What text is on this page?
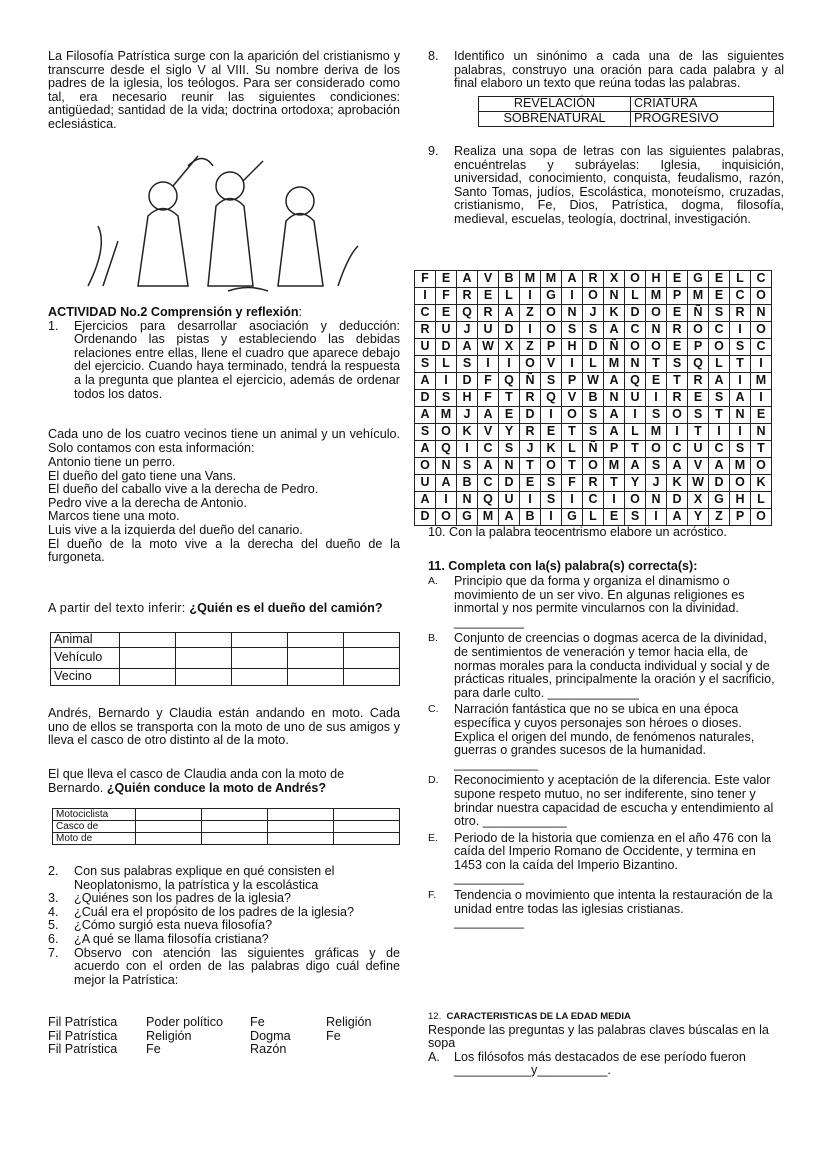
La Filosofía Patrística surge con la aparición del cristianismo y transcurre desde el siglo V al VIII. Su nombre deriva de los padres de la iglesia, los teólogos. Para ser considerado como tal, era necesario reunir las siguientes condiciones: antigüedad; santidad de la vida; doctrina ortodoxa; aprobación eclesiástica.

ACTIVIDAD No.2 Comprensión y reflexión:

1.	Ejercicios para desarrollar asociación y deducción: Ordenando las pistas y estableciendo las debidas relaciones entre ellas, llene el cuadro que aparece debajo del ejercicio. Cuando haya terminado, tendrá la respuesta a la pregunta que plantea el ejercicio, además de ordenar todos los datos.
Cada uno de los cuatro vecinos tiene un animal y un vehículo. Solo contamos con esta información:

Antonio tiene un perro.

El dueño del gato tiene una Vans.

El dueño del caballo vive a la derecha de Pedro.

Pedro vive a la derecha de Antonio.

Marcos tiene una moto.

Luis vive a la izquierda del dueño del canario.

El dueño de la moto vive a la derecha del dueño de la furgoneta.

A partir del texto inferir: ¿Quién es el dueño del camión?
Animal					
Vehículo					
Vecino					
Andrés, Bernardo y Claudia están andando en moto. Cada uno de ellos se transporta con la moto de uno de sus amigos y lleva el casco de otro distinto al de la moto.
El que lleva el casco de Claudia anda con la moto de Bernardo. ¿Quién conduce la moto de Andrés?
Motociclista				
Casco de				
Moto de				
2.	Con sus palabras explique en qué consisten el Neoplatonismo, la patrística y la escolástica
3.	¿Quiénes son los padres de la iglesia?
4.	¿Cuál era el propósito de los padres de la iglesia?
5.	¿Cómo surgió esta nueva filosofía?
6.	¿A qué se llama filosofía cristiana?
7.	Observo con atención las siguientes gráficas y de acuerdo con el orden de las palabras digo cuál define mejor la Patrística:
Fil Patrística	Poder político	Fe	Religión
Fil Patrística	Religión	Dogma	Fe
Fil Patrística	Fe	Razón
8.	Identifico un sinónimo a cada una de las siguientes palabras, construyo una oración para cada palabra y al final elaboro un texto que reúna todas las palabras.
REVELACIÓN	CRIATURA
SOBRENATURAL	PROGRESIVO
9.	Realiza una sopa de letras con las siguientes palabras, encuéntrelas y subráyelas: Iglesia, inquisición, universidad, conocimiento, conquista, feudalismo, razón, Santo Tomas, judíos, Escolástica, monoteísmo, cruzadas, cristianismo, Fe, Dios, Patrística, dogma, filosofía, medieval, escuelas, teología, doctrinal, investigación.
F	E	A	V	B	M	M	A	R	X	O	H	E	G	E	L	C
I	F	R	E	L	I	G	I	O	N	L	M	P	M	E	C	O
C	E	Q	R	A	Z	O	N	J	K	D	O	E	Ñ	S	R	N
R	U	J	U	D	I	O	S	S	A	C	N	R	O	C	I	O
U	D	A	W	X	Z	P	H	D	Ñ	O	O	E	P	O	S	C
S	L	S	I	I	O	V	I	L	M	N	T	S	Q	L	T	I
A	I	D	F	Q	Ñ	S	P	W	A	Q	E	T	R	A	I	M
D	S	H	F	T	R	Q	V	B	N	U	I	R	E	S	A	I
A	M	J	A	E	D	I	O	S	A	I	S	O	S	T	N	E
S	O	K	V	Y	R	E	T	S	A	L	M	I	T	I	I	N
A	Q	I	C	S	J	K	L	Ñ	P	T	O	C	U	C	S	T
O	N	S	A	N	T	O	T	O	M	A	S	A	V	A	M	O
U	A	B	C	D	E	S	F	R	T	Y	J	K	W	D	O	K
A	I	N	Q	U	I	S	I	C	I	O	N	D	X	G	H	L
D	O	G	M	A	B	I	G	L	E	S	I	A	Y	Z	P	O
10. Con la palabra teocentrismo elabore un acróstico.
11. Completa con la(s) palabra(s) correcta(s):
A.	Principio que da forma y organiza el dinamismo o movimiento de un ser vivo. En algunas religiones es inmortal y nos permite vincularnos con la divinidad.
__________
B.	Conjunto de creencias o dogmas acerca de la divinidad, de sentimientos de veneración y temor hacia ella, de normas morales para la conducta individual y social y de prácticas rituales, principalmente la oración y el sacrificio, para darle culto. _____________
C.	Narración fantástica que no se ubica en una época específica y cuyos personajes son héroes o dioses. Explica el origen del mundo, de fenómenos naturales, guerras o grandes sucesos de la humanidad. ____________
D.	Reconocimiento y aceptación de la diferencia. Este valor supone respeto mutuo, no ser indiferente, sino tener y brindar nuestra capacidad de escucha y entendimiento al otro. ____________
E.	Periodo de la historia que comienza en el año 476 con la caída del Imperio Romano de Occidente, y termina en 1453 con la caída del Imperio Bizantino.
__________
F.	Tendencia o movimiento que intenta la restauración de la unidad entre todas las iglesias cristianas.
__________

12. CARACTERISTICAS DE LA EDAD MEDIA

Responde las preguntas y las palabras claves búscalas en la sopa

A.	Los filósofos más destacados de ese período fueron
___________y__________.
